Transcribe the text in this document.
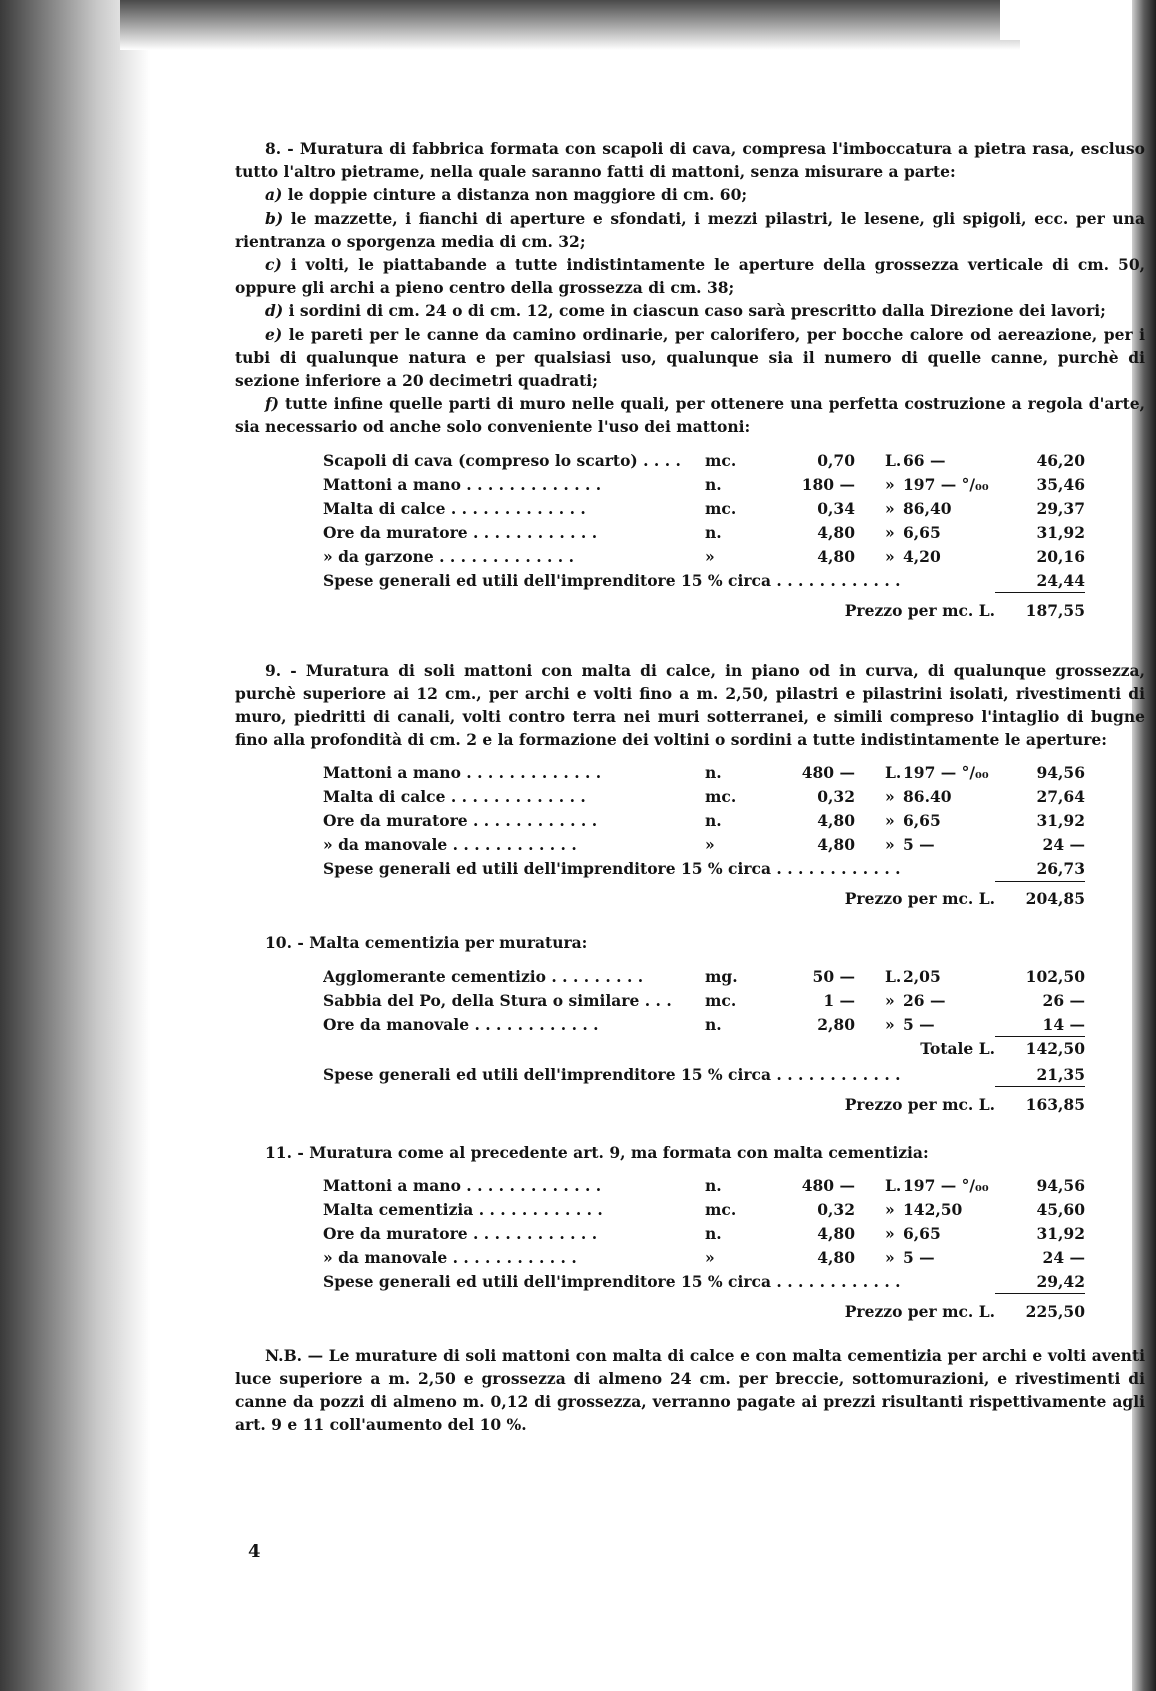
8. - Muratura di fabbrica formata con scapoli di cava, compresa l'imboccatura a pietra rasa, escluso tutto l'altro pietrame, nella quale saranno fatti di mattoni, senza misurare a parte:

a) le doppie cinture a distanza non maggiore di cm. 60;

b) le mazzette, i fianchi di aperture e sfondati, i mezzi pilastri, le lesene, gli spigoli, ecc. per una rientranza o sporgenza media di cm. 32;

c) i volti, le piattabande a tutte indistintamente le aperture della grossezza verticale di cm. 50, oppure gli archi a pieno centro della grossezza di cm. 38;

d) i sordini di cm. 24 o di cm. 12, come in ciascun caso sarà prescritto dalla Direzione dei lavori;

e) le pareti per le canne da camino ordinarie, per calorifero, per bocche calore od aereazione, per i tubi di qualunque natura e per qualsiasi uso, qualunque sia il numero di quelle canne, purchè di sezione inferiore a 20 decimetri quadrati;

f) tutte infine quelle parti di muro nelle quali, per ottenere una perfetta costruzione a regola d'arte, sia necessario od anche solo conveniente l'uso dei mattoni:

Scapoli di cava (compreso lo scarto) . . . .	mc.	0,70 L. 66 —	46,20
Mattoni a mano . . . . . . . . . . . . .	n.	180 — » 197 — °/₀₀	35,46
Malta di calce . . . . . . . . . . . . .	mc.	0,34 » 86,40	29,37
Ore da muratore . . . . . . . . . . . .	n.	4,80 » 6,65	31,92
» da garzone . . . . . . . . . . . . .	»	4,80 » 4,20	20,16
Spese generali ed utili dell'imprenditore 15 % circa . . . . . . . . . . . .	24,44
Prezzo per mc. L.	187,55

9. - Muratura di soli mattoni con malta di calce, in piano od in curva, di qualunque grossezza, purchè superiore ai 12 cm., per archi e volti fino a m. 2,50, pilastri e pilastrini isolati, rivestimenti di muro, piedritti di canali, volti contro terra nei muri sotterranei, e simili compreso l'intaglio di bugne fino alla profondità di cm. 2 e la formazione dei voltini o sordini a tutte indistintamente le aperture:

Mattoni a mano . . . . . . . . . . . . .	n.	480 — L. 197 — °/₀₀	94,56
Malta di calce . . . . . . . . . . . . .	mc.	0,32 » 86.40	27,64
Ore da muratore . . . . . . . . . . . .	n.	4,80 » 6,65	31,92
» da manovale . . . . . . . . . . . .	»	4,80 » 5 —	24 —
Spese generali ed utili dell'imprenditore 15 % circa . . . . . . . . . . . .	26,73
Prezzo per mc. L.	204,85

10. - Malta cementizia per muratura:

Agglomerante cementizio . . . . . . . . .	mg.	50 — L. 2,05	102,50
Sabbia del Po, della Stura o similare . . .	mc.	1 — » 26 —	26 —
Ore da manovale . . . . . . . . . . . .	n.	2,80 » 5 —	14 —
Totale L.	142,50
Spese generali ed utili dell'imprenditore 15 % circa . . . . . . . . . . . .	21,35
Prezzo per mc. L.	163,85

11. - Muratura come al precedente art. 9, ma formata con malta cementizia:

Mattoni a mano . . . . . . . . . . . . .	n.	480 — L. 197 — °/₀₀	94,56
Malta cementizia . . . . . . . . . . . .	mc.	0,32 » 142,50	45,60
Ore da muratore . . . . . . . . . . . .	n.	4,80 » 6,65	31,92
» da manovale . . . . . . . . . . . .	»	4,80 » 5 —	24 —
Spese generali ed utili dell'imprenditore 15 % circa . . . . . . . . . . . .	29,42
Prezzo per mc. L.	225,50

N.B. — Le murature di soli mattoni con malta di calce e con malta cementizia per archi e volti aventi luce superiore a m. 2,50 e grossezza di almeno 24 cm. per breccie, sottomurazioni, e rivestimenti di canne da pozzi di almeno m. 0,12 di grossezza, verranno pagate ai prezzi risultanti rispettivamente agli art. 9 e 11 coll'aumento del 10 %.

4
